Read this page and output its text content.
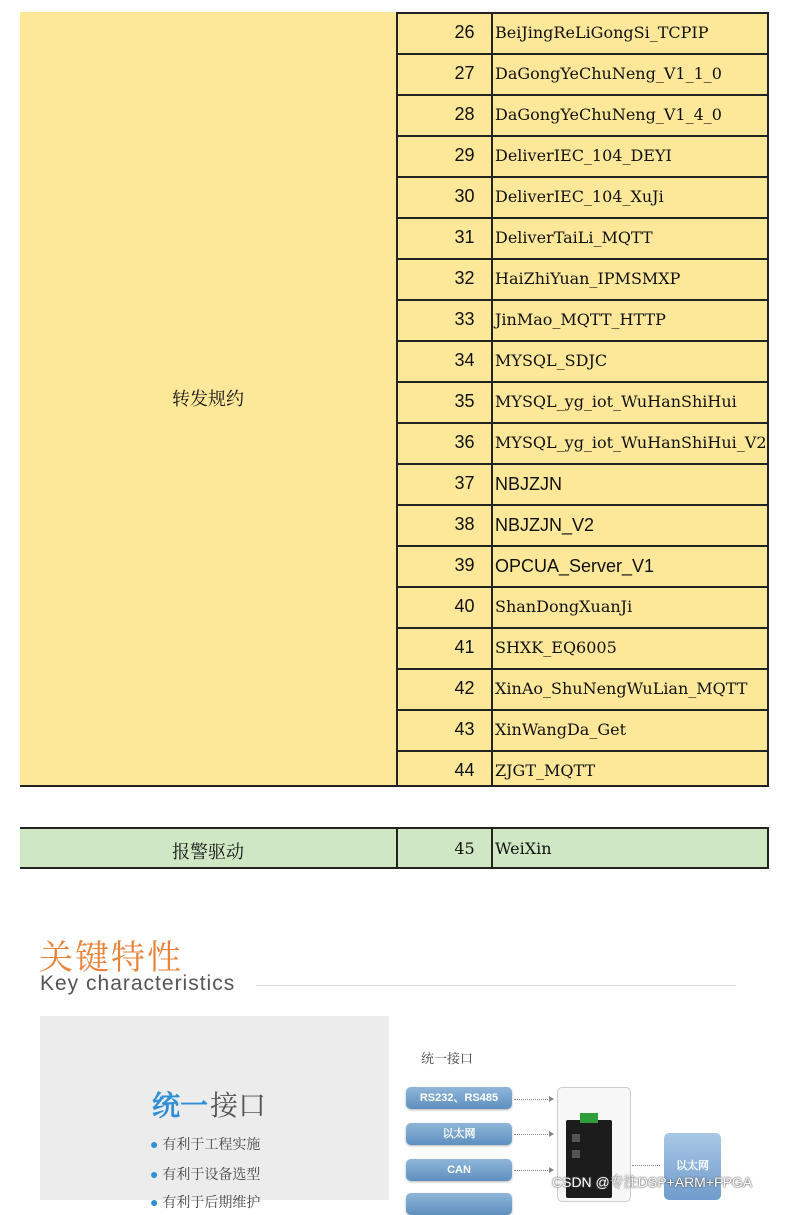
转发规约
26	BeiJingReLiGongSi_TCPIP
27	DaGongYeChuNeng_V1_1_0
28	DaGongYeChuNeng_V1_4_0
29	DeliverIEC_104_DEYI
30	DeliverIEC_104_XuJi
31	DeliverTaiLi_MQTT
32	HaiZhiYuan_IPMSMXP
33	JinMao_MQTT_HTTP
34	MYSQL_SDJC
35	MYSQL_yg_iot_WuHanShiHui
36	MYSQL_yg_iot_WuHanShiHui_V2
37	NBJZJN
38	NBJZJN_V2
39	OPCUA_Server_V1
40	ShanDongXuanJi
41	SHXK_EQ6005
42	XinAo_ShuNengWuLian_MQTT
43	XinWangDa_Get
44	ZJGT_MQTT
报警驱动	45	WeiXin
关键特性
Key characteristics
统一 接口
● 有利于工程实施
● 有利于设备选型
● 有利于后期维护
统一接口
RS232、RS485
以太网
CAN	以太网
CSDN @专注DSP+ARM+FPGA
